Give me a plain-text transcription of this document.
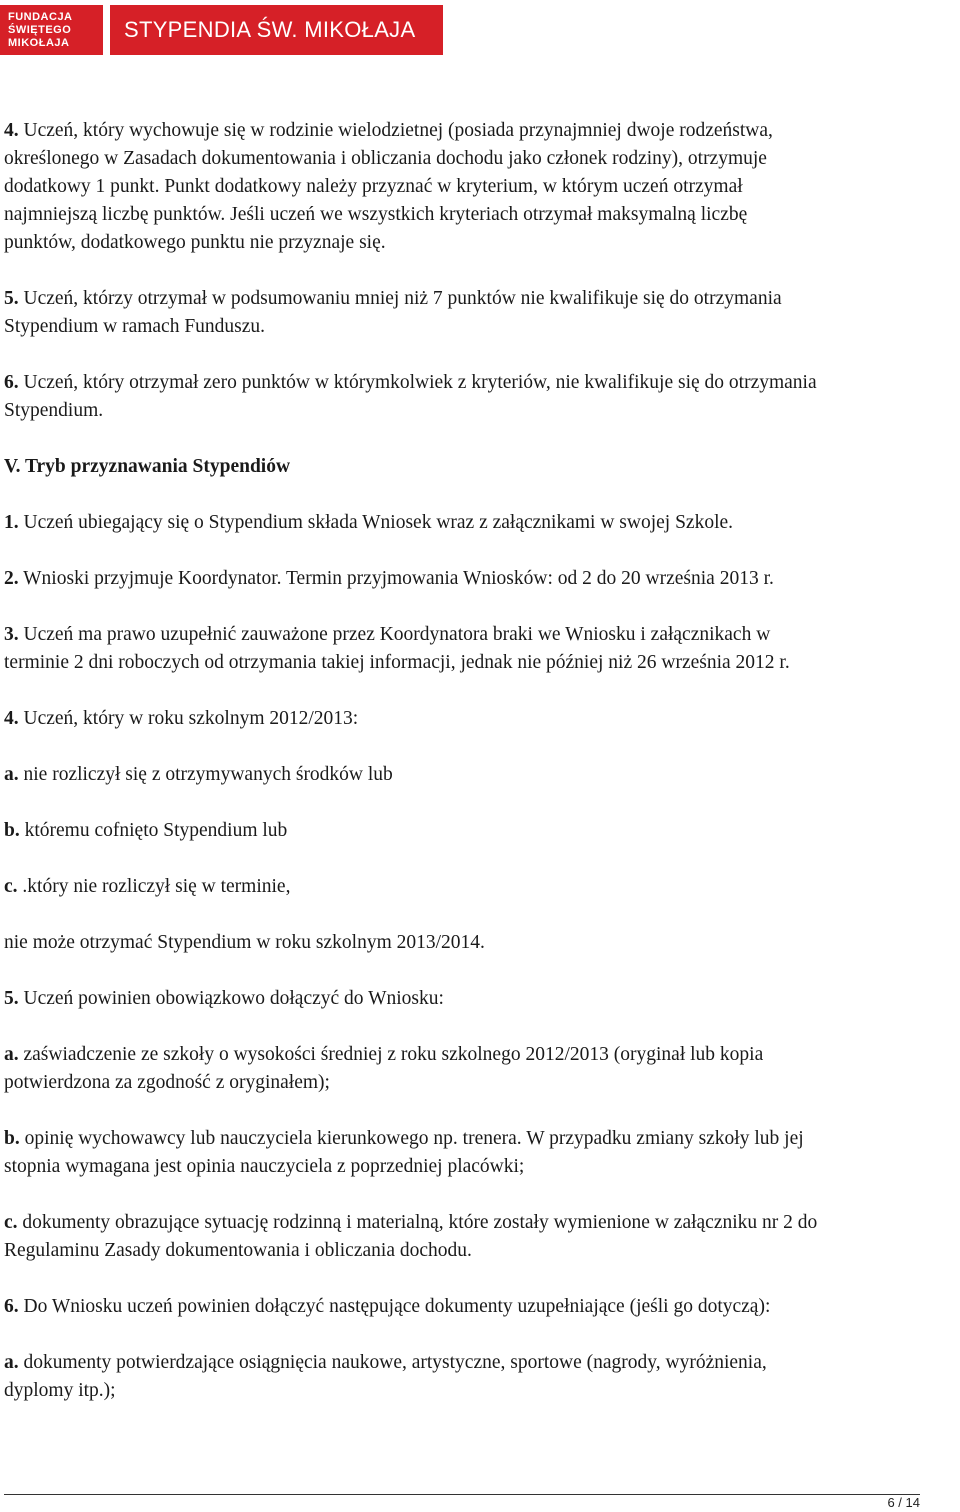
FUNDACJA
ŚWIĘTEGO
MIKOŁAJA
STYPENDIA ŚW. MIKOŁAJA

4. Uczeń, który wychowuje się w rodzinie wielodzietnej (posiada przynajmniej dwoje rodzeństwa,

określonego w Zasadach dokumentowania i obliczania dochodu jako członek rodziny), otrzymuje

dodatkowy 1 punkt. Punkt dodatkowy należy przyznać w kryterium, w którym uczeń otrzymał

najmniejszą liczbę punktów. Jeśli uczeń we wszystkich kryteriach otrzymał maksymalną liczbę

punktów, dodatkowego punktu nie przyznaje się.

5. Uczeń, którzy otrzymał w podsumowaniu mniej niż 7 punktów nie kwalifikuje się do otrzymania

Stypendium w ramach Funduszu.

6. Uczeń, który otrzymał zero punktów w którymkolwiek z kryteriów, nie kwalifikuje się do otrzymania

Stypendium.

V. Tryb przyznawania Stypendiów

1. Uczeń ubiegający się o Stypendium składa Wniosek wraz z załącznikami w swojej Szkole.

2. Wnioski przyjmuje Koordynator. Termin przyjmowania Wniosków: od 2 do 20 września 2013 r.

3. Uczeń ma prawo uzupełnić zauważone przez Koordynatora braki we Wniosku i załącznikach w

terminie 2 dni roboczych od otrzymania takiej informacji, jednak nie później niż 26 września 2012 r.

4. Uczeń, który w roku szkolnym 2012/2013:

a. nie rozliczył się z otrzymywanych środków lub

b. któremu cofnięto Stypendium lub

c. .który nie rozliczył się w terminie,

nie może otrzymać Stypendium w roku szkolnym 2013/2014.

5. Uczeń powinien obowiązkowo dołączyć do Wniosku:

a. zaświadczenie ze szkoły o wysokości średniej z roku szkolnego 2012/2013 (oryginał lub kopia

potwierdzona za zgodność z oryginałem);

b. opinię wychowawcy lub nauczyciela kierunkowego np. trenera. W przypadku zmiany szkoły lub jej

stopnia wymagana jest opinia nauczyciela z poprzedniej placówki;

c. dokumenty obrazujące sytuację rodzinną i materialną, które zostały wymienione w załączniku nr 2 do

Regulaminu Zasady dokumentowania i obliczania dochodu.

6. Do Wniosku uczeń powinien dołączyć następujące dokumenty uzupełniające (jeśli go dotyczą):

a. dokumenty potwierdzające osiągnięcia naukowe, artystyczne, sportowe (nagrody, wyróżnienia,

dyplomy itp.);

6 / 14
